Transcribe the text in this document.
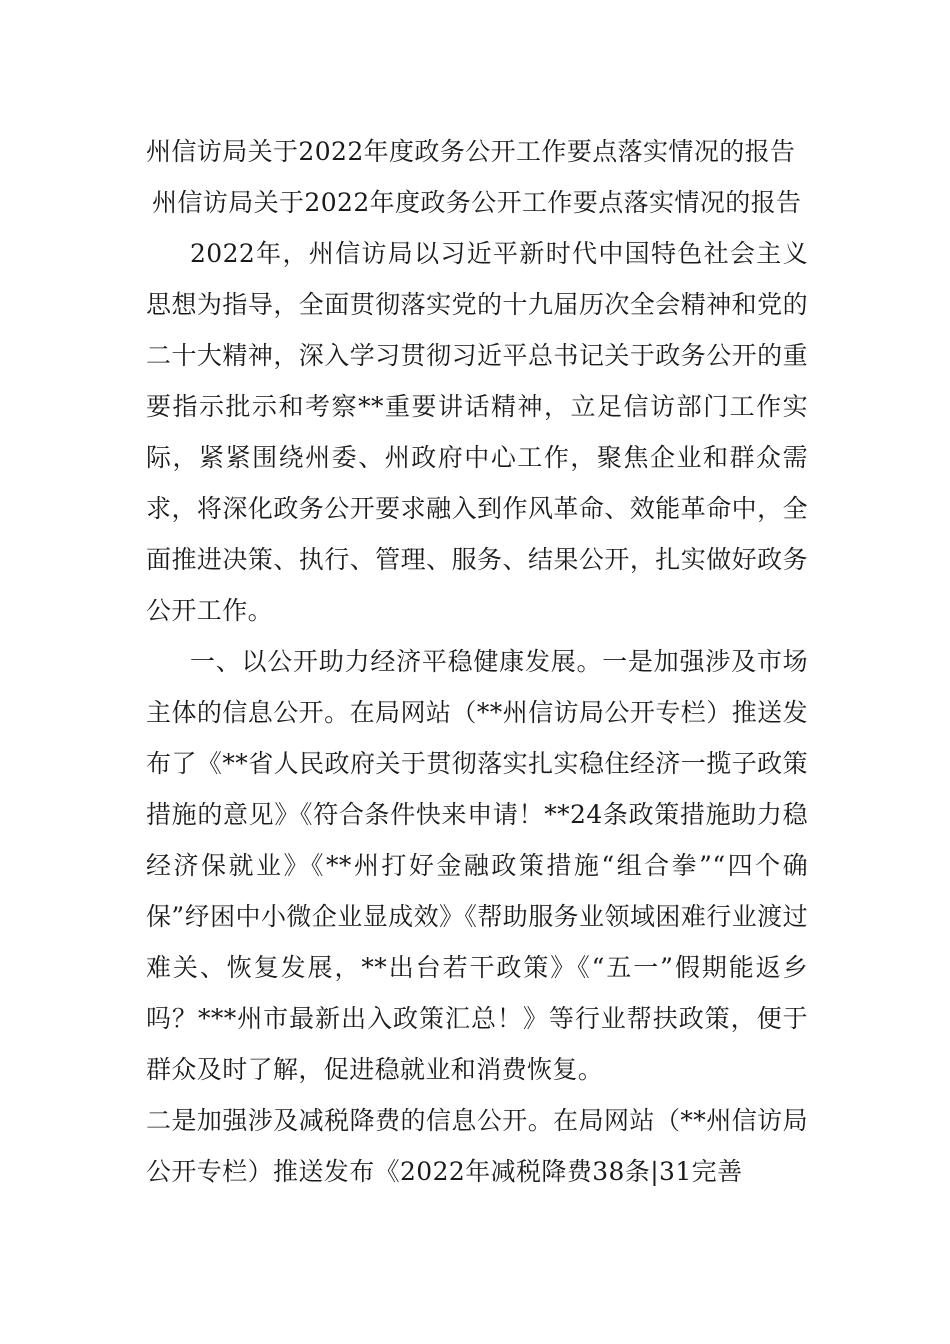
州信访局关于2022年度政务公开工作要点落实情况的报告

州信访局关于2022年度政务公开工作要点落实情况的报告

2022年，州信访局以习近平新时代中国特色社会主义思想为指导，全面贯彻落实党的十九届历次全会精神和党的二十大精神，深入学习贯彻习近平总书记关于政务公开的重要指示批示和考察**重要讲话精神，立足信访部门工作实际，紧紧围绕州委、州政府中心工作，聚焦企业和群众需求，将深化政务公开要求融入到作风革命、效能革命中，全面推进决策、执行、管理、服务、结果公开，扎实做好政务公开工作。

一、以公开助力经济平稳健康发展。一是加强涉及市场主体的信息公开。在局网站（**州信访局公开专栏）推送发布了《**省人民政府关于贯彻落实扎实稳住经济一揽子政策措施的意见》《符合条件快来申请！**24条政策措施助力稳经济保就业》《**州打好金融政策措施“组合拳”“四个确保”纾困中小微企业显成效》《帮助服务业领域困难行业渡过难关、恢复发展，**出台若干政策》《“五一”假期能返乡吗？***州市最新出入政策汇总！》等行业帮扶政策，便于群众及时了解，促进稳就业和消费恢复。

二是加强涉及减税降费的信息公开。在局网站（**州信访局公开专栏）推送发布《2022年减税降费38条|31完善
